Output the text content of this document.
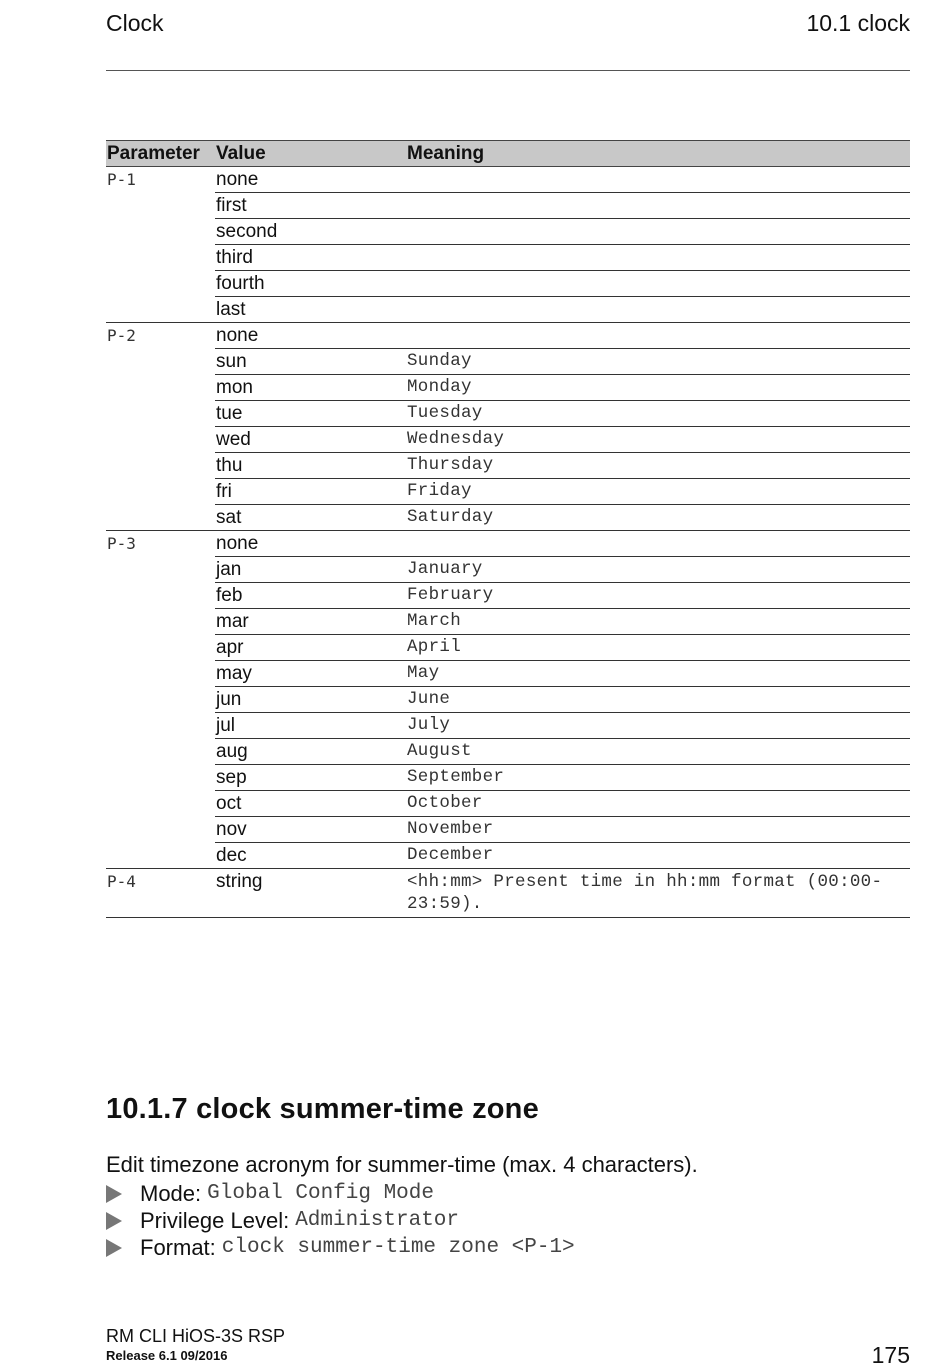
Clock	10.1 clock
Parameter	Value	Meaning
P-1	none	
	first	
	second	
	third	
	fourth	
	last	
P-2	none	
	sun	Sunday
	mon	Monday
	tue	Tuesday
	wed	Wednesday
	thu	Thursday
	fri	Friday
	sat	Saturday
P-3	none	
	jan	January
	feb	February
	mar	March
	apr	April
	may	May
	jun	June
	jul	July
	aug	August
	sep	September
	oct	October
	nov	November
	dec	December
P-4	string	<hh:mm> Present time in hh:mm format (00:00-23:59).
10.1.7 clock summer-time zone
Edit timezone acronym for summer-time (max. 4 characters).
Mode: Global Config Mode
Privilege Level: Administrator
Format: clock summer-time zone <P-1>
RM CLI HiOS-3S RSP
Release 6.1 09/2016	175
